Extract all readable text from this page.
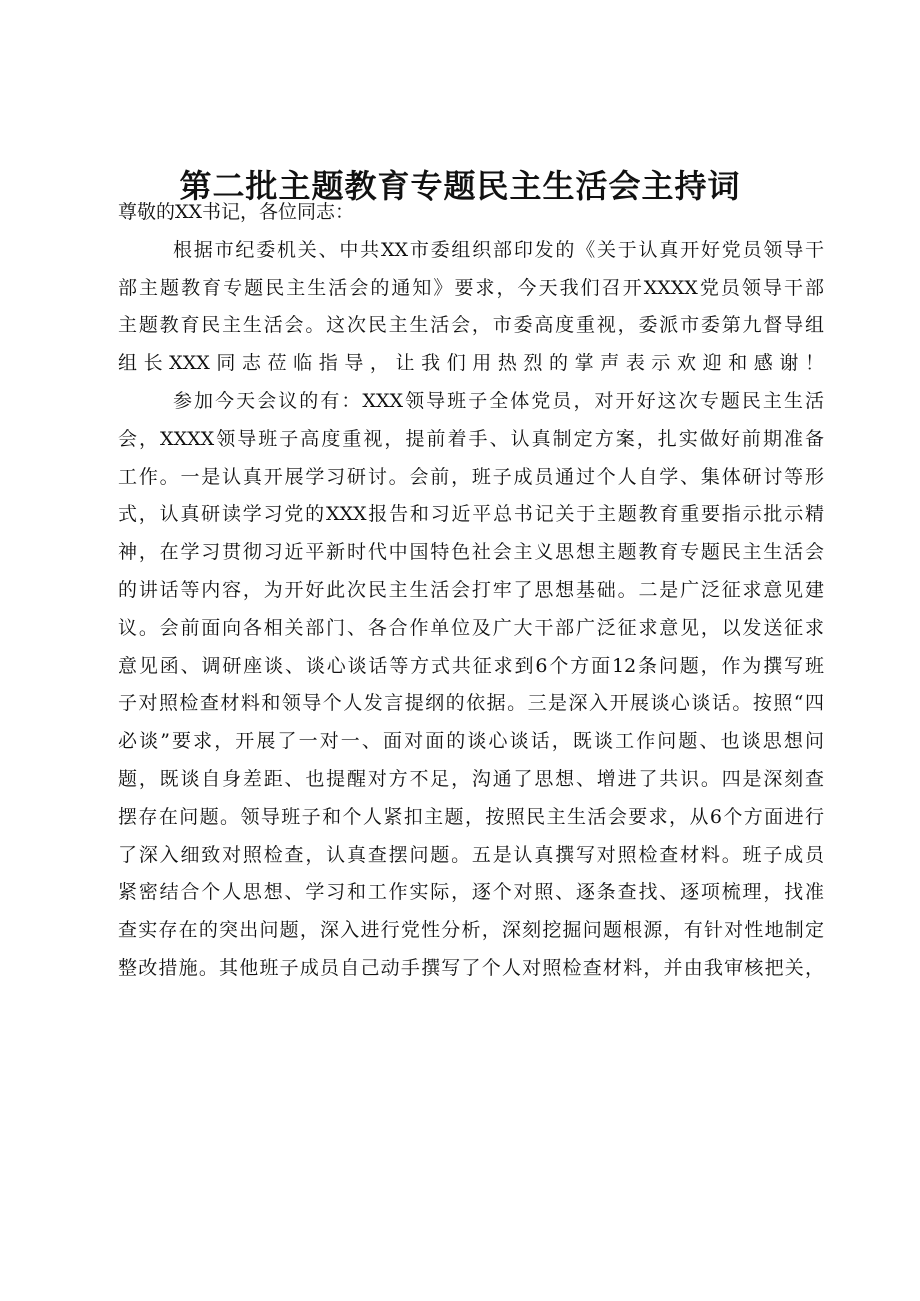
第二批主题教育专题民主生活会主持词

尊敬的XX书记，各位同志：

根据市纪委机关、中共XX市委组织部印发的《关于认真开好党员领导干

部主题教育专题民主生活会的通知》要求，今天我们召开XXXX党员领导干部

主题教育民主生活会。这次民主生活会，市委高度重视，委派市委第九督导组

组长XXX同志莅临指导，让我们用热烈的掌声表示欢迎和感谢！

参加今天会议的有：XXX领导班子全体党员，对开好这次专题民主生活

会，XXXX领导班子高度重视，提前着手、认真制定方案，扎实做好前期准备

工作。一是认真开展学习研讨。会前，班子成员通过个人自学、集体研讨等形

式，认真研读学习党的XXX报告和习近平总书记关于主题教育重要指示批示精

神，在学习贯彻习近平新时代中国特色社会主义思想主题教育专题民主生活会

的讲话等内容，为开好此次民主生活会打牢了思想基础。二是广泛征求意见建

议。会前面向各相关部门、各合作单位及广大干部广泛征求意见，以发送征求

意见函、调研座谈、谈心谈话等方式共征求到6个方面12条问题，作为撰写班

子对照检查材料和领导个人发言提纲的依据。三是深入开展谈心谈话。按照“四

必谈”要求，开展了一对一、面对面的谈心谈话，既谈工作问题、也谈思想问

题，既谈自身差距、也提醒对方不足，沟通了思想、增进了共识。四是深刻查

摆存在问题。领导班子和个人紧扣主题，按照民主生活会要求，从6个方面进行

了深入细致对照检查，认真查摆问题。五是认真撰写对照检查材料。班子成员

紧密结合个人思想、学习和工作实际，逐个对照、逐条查找、逐项梳理，找准

查实存在的突出问题，深入进行党性分析，深刻挖掘问题根源，有针对性地制定

整改措施。其他班子成员自己动手撰写了个人对照检查材料，并由我审核把关，
